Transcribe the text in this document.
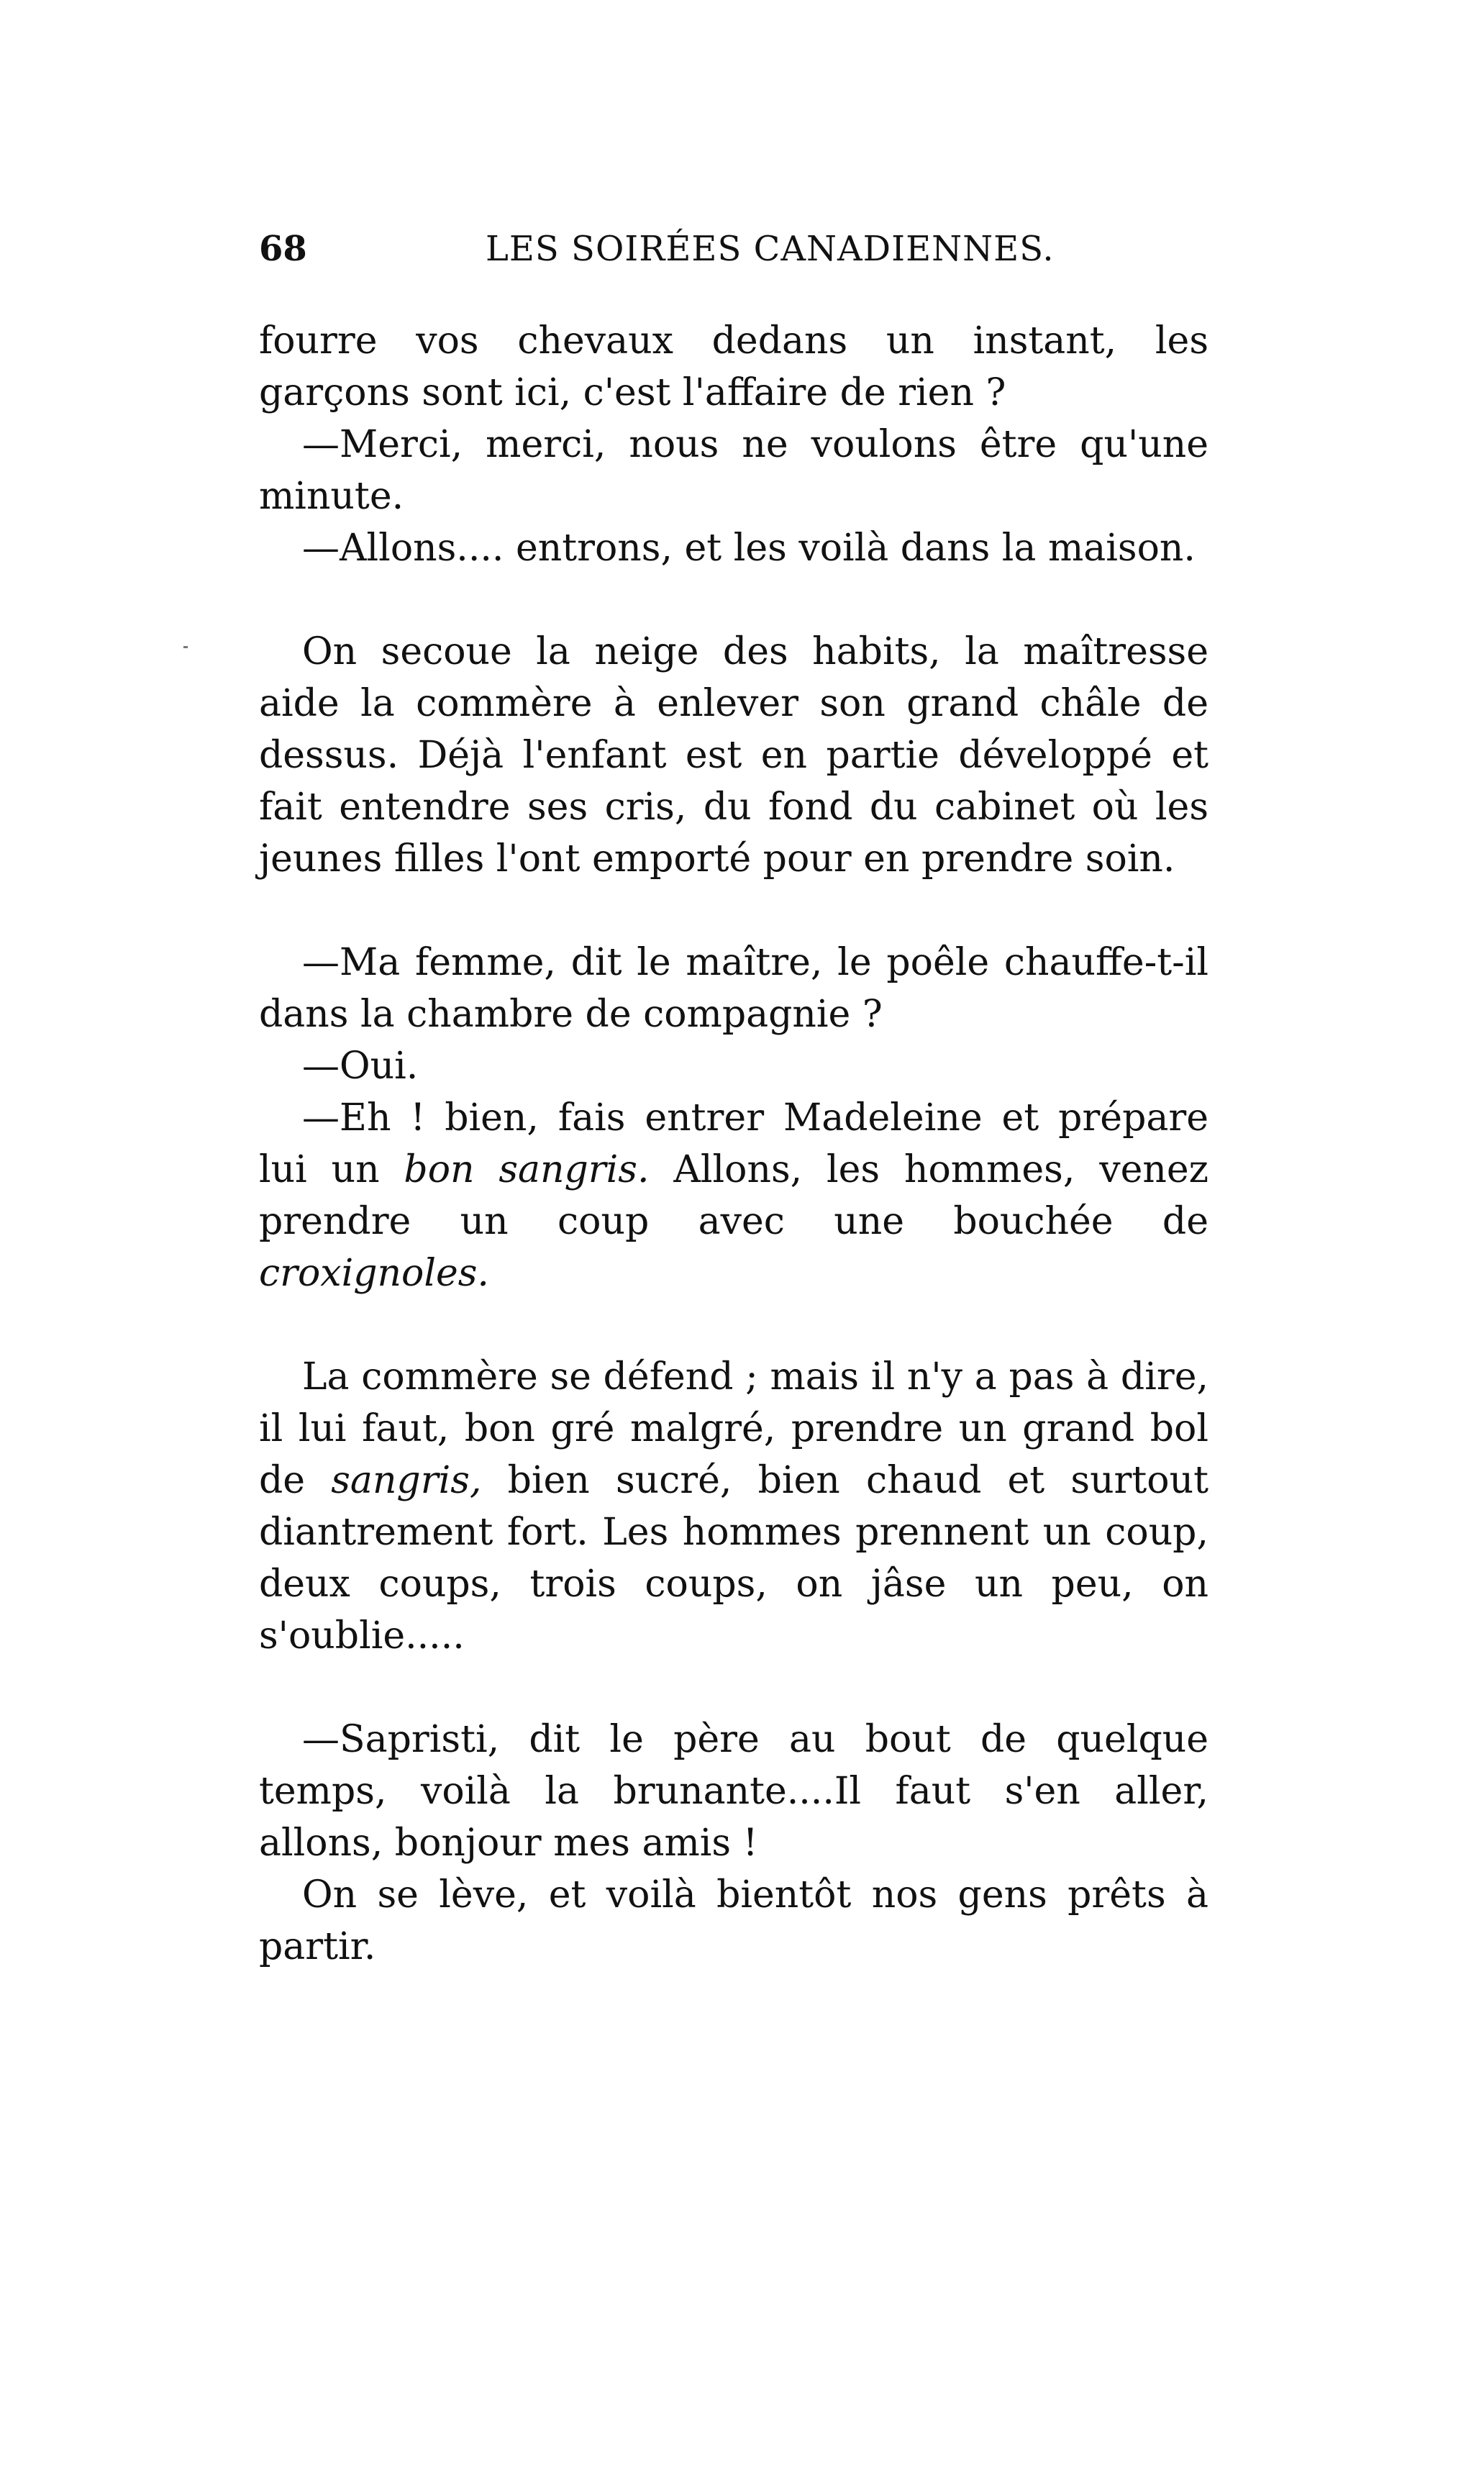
68	LES SOIRÉES CANADIENNES.

fourre vos chevaux dedans un instant, les garçons sont ici, c'est l'affaire de rien ?

—Merci, merci, nous ne voulons être qu'une minute.

—Allons.... entrons, et les voilà dans la maison.

On secoue la neige des habits, la maîtresse aide la commère à enlever son grand châle de dessus. Déjà l'enfant est en partie développé et fait entendre ses cris, du fond du cabinet où les jeunes filles l'ont emporté pour en prendre soin.

—Ma femme, dit le maître, le poêle chauffe-t-il dans la chambre de compagnie ?

—Oui.

—Eh ! bien, fais entrer Madeleine et prépare lui un bon sangris. Allons, les hommes, venez prendre un coup avec une bouchée de croxignoles.

La commère se défend ; mais il n'y a pas à dire, il lui faut, bon gré malgré, prendre un grand bol de sangris, bien sucré, bien chaud et surtout diantrement fort. Les hommes prennent un coup, deux coups, trois coups, on jâse un peu, on s'oublie.....

—Sapristi, dit le père au bout de quelque temps, voilà la brunante....Il faut s'en aller, allons, bonjour mes amis !

On se lève, et voilà bientôt nos gens prêts à partir.
